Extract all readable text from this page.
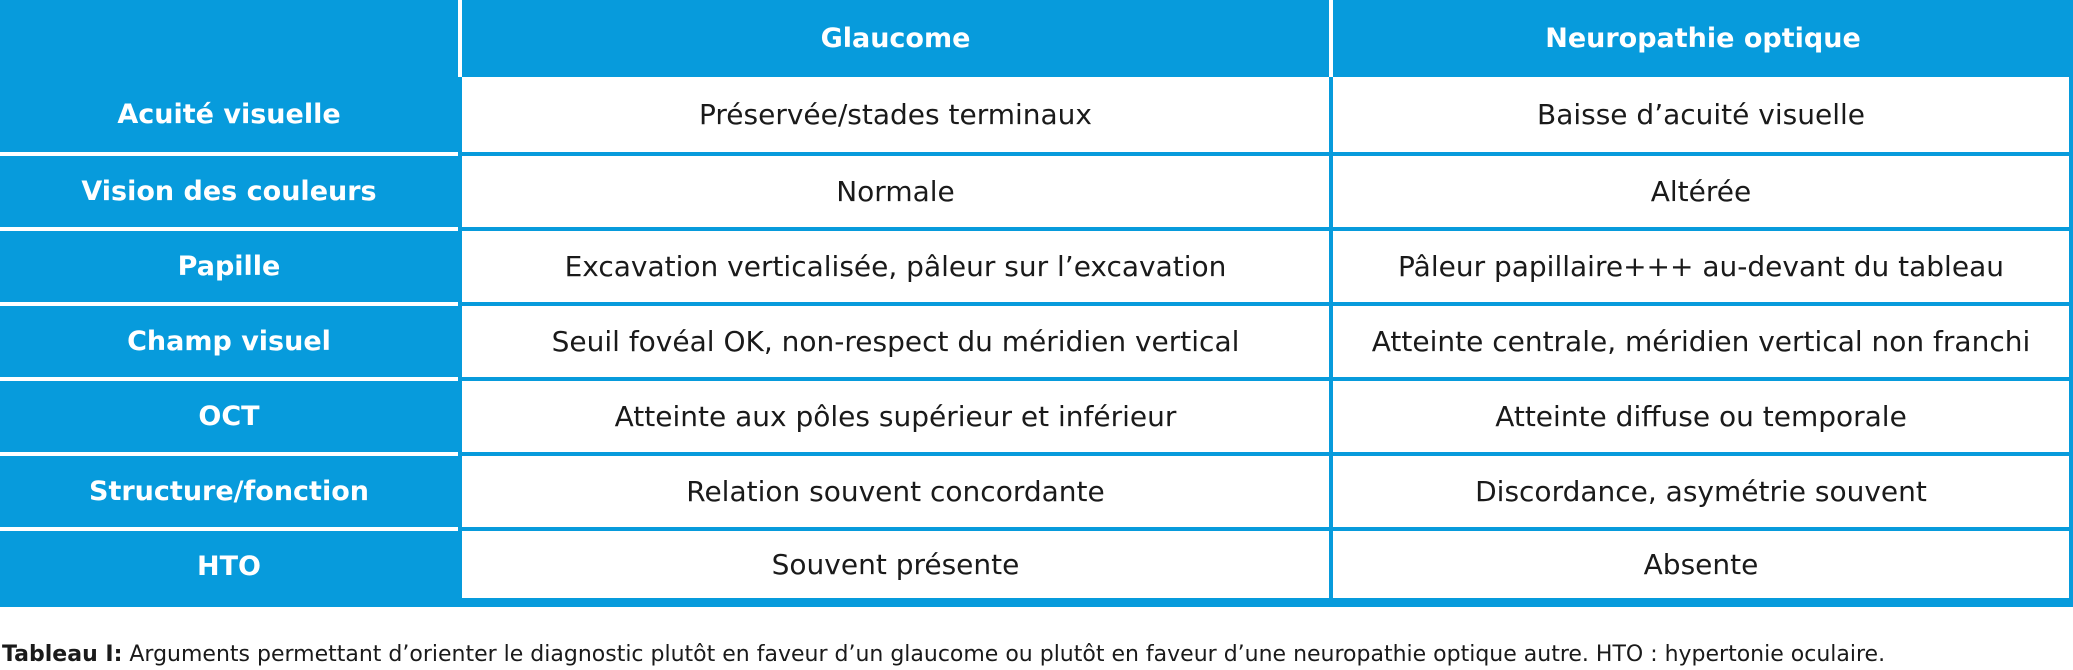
	Glaucome	Neuropathie optique
Acuité visuelle	Préservée/stades terminaux	Baisse d’acuité visuelle
Vision des couleurs	Normale	Altérée
Papille	Excavation verticalisée, pâleur sur l’excavation	Pâleur papillaire+++ au-devant du tableau
Champ visuel	Seuil fovéal OK, non-respect du méridien vertical	Atteinte centrale, méridien vertical non franchi
OCT	Atteinte aux pôles supérieur et inférieur	Atteinte diffuse ou temporale
Structure/fonction	Relation souvent concordante	Discordance, asymétrie souvent
HTO	Souvent présente	Absente
Tableau I: Arguments permettant d’orienter le diagnostic plutôt en faveur d’un glaucome ou plutôt en faveur d’une neuropathie optique autre. HTO : hypertonie oculaire.
